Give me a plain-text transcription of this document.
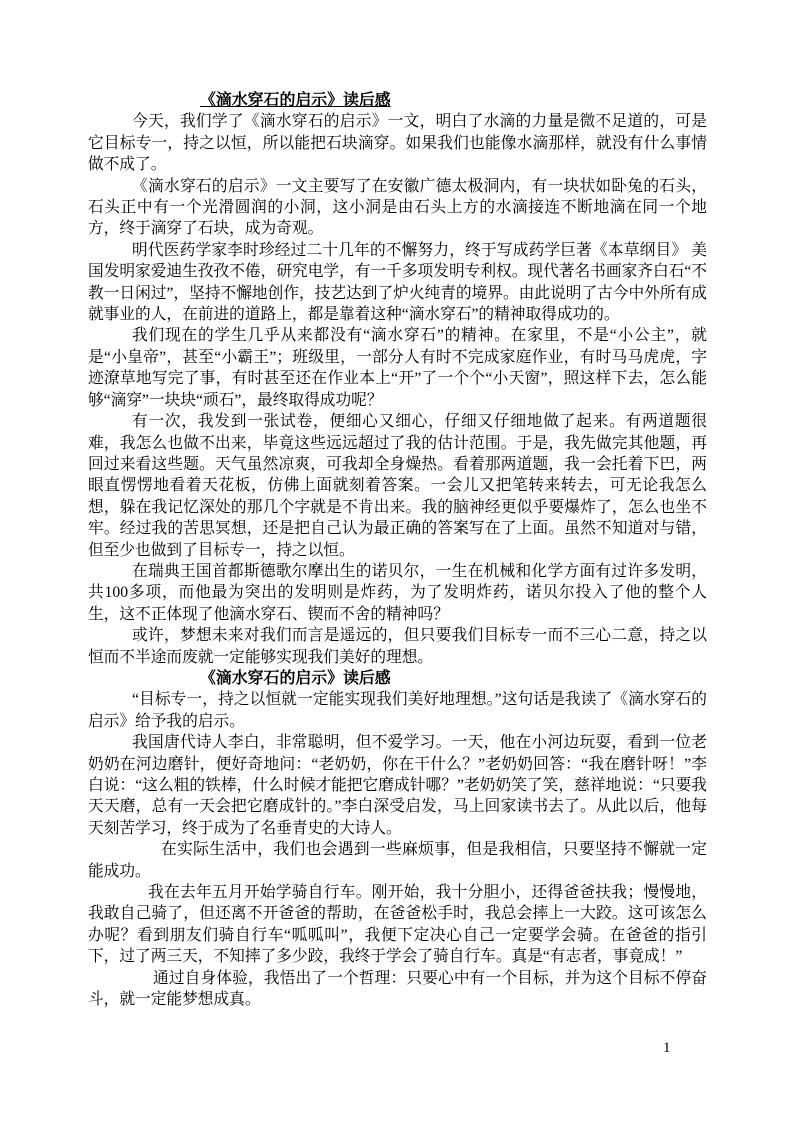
《滴水穿石的启示》读后感

今天，我们学了《滴水穿石的启示》一文，明白了水滴的力量是微不足道的，可是它目标专一，持之以恒，所以能把石块滴穿。如果我们也能像水滴那样，就没有什么事情做不成了。

《滴水穿石的启示》一文主要写了在安徽广德太极洞内，有一块状如卧兔的石头，石头正中有一个光滑圆润的小洞，这小洞是由石头上方的水滴接连不断地滴在同一个地方，终于滴穿了石块，成为奇观。

明代医药学家李时珍经过二十几年的不懈努力，终于写成药学巨著《本草纲目》 美国发明家爱迪生孜孜不倦，研究电学，有一千多项发明专利权。现代著名书画家齐白石“不教一日闲过”，坚持不懈地创作，技艺达到了炉火纯青的境界。由此说明了古今中外所有成就事业的人，在前进的道路上，都是靠着这种“滴水穿石”的精神取得成功的。

我们现在的学生几乎从来都没有“滴水穿石”的精神。在家里，不是“小公主”，就是“小皇帝”，甚至“小霸王”；班级里，一部分人有时不完成家庭作业，有时马马虎虎，字迹潦草地写完了事，有时甚至还在作业本上“开”了一个个“小天窗”，照这样下去，怎么能够“滴穿”一块块“顽石”，最终取得成功呢？

有一次，我发到一张试卷，便细心又细心，仔细又仔细地做了起来。有两道题很难，我怎么也做不出来，毕竟这些远远超过了我的估计范围。于是，我先做完其他题，再回过来看这些题。天气虽然凉爽，可我却全身燥热。看着那两道题，我一会托着下巴，两眼直愣愣地看着天花板，仿佛上面就刻着答案。一会儿又把笔转来转去，可无论我怎么想，躲在我记忆深处的那几个字就是不肯出来。我的脑神经更似乎要爆炸了，怎么也坐不牢。经过我的苦思冥想，还是把自己认为最正确的答案写在了上面。虽然不知道对与错，但至少也做到了目标专一，持之以恒。

在瑞典王国首都斯德歌尔摩出生的诺贝尔，一生在机械和化学方面有过许多发明，共100多项，而他最为突出的发明则是炸药，为了发明炸药，诺贝尔投入了他的整个人生，这不正体现了他滴水穿石、锲而不舍的精神吗？

或许，梦想未来对我们而言是遥远的，但只要我们目标专一而不三心二意，持之以恒而不半途而废就一定能够实现我们美好的理想。

《滴水穿石的启示》读后感

“目标专一，持之以恒就一定能实现我们美好地理想。”这句话是我读了《滴水穿石的启示》给予我的启示。

我国唐代诗人李白，非常聪明，但不爱学习。一天，他在小河边玩耍，看到一位老奶奶在河边磨针，便好奇地问：“老奶奶，你在干什么？”老奶奶回答：“我在磨针呀！”李白说：“这么粗的铁棒，什么时候才能把它磨成针哪？”老奶奶笑了笑，慈祥地说：“只要我天天磨，总有一天会把它磨成针的。”李白深受启发，马上回家读书去了。从此以后，他每天刻苦学习，终于成为了名垂青史的大诗人。

在实际生活中，我们也会遇到一些麻烦事，但是我相信，只要坚持不懈就一定能成功。

我在去年五月开始学骑自行车。刚开始，我十分胆小，还得爸爸扶我；慢慢地，我敢自己骑了，但还离不开爸爸的帮助，在爸爸松手时，我总会摔上一大跤。这可该怎么办呢？看到朋友们骑自行车“呱呱叫”，我便下定决心自己一定要学会骑。在爸爸的指引下，过了两三天，不知摔了多少跤，我终于学会了骑自行车。真是“有志者，事竟成！”

通过自身体验，我悟出了一个哲理：只要心中有一个目标，并为这个目标不停奋斗，就一定能梦想成真。

1
